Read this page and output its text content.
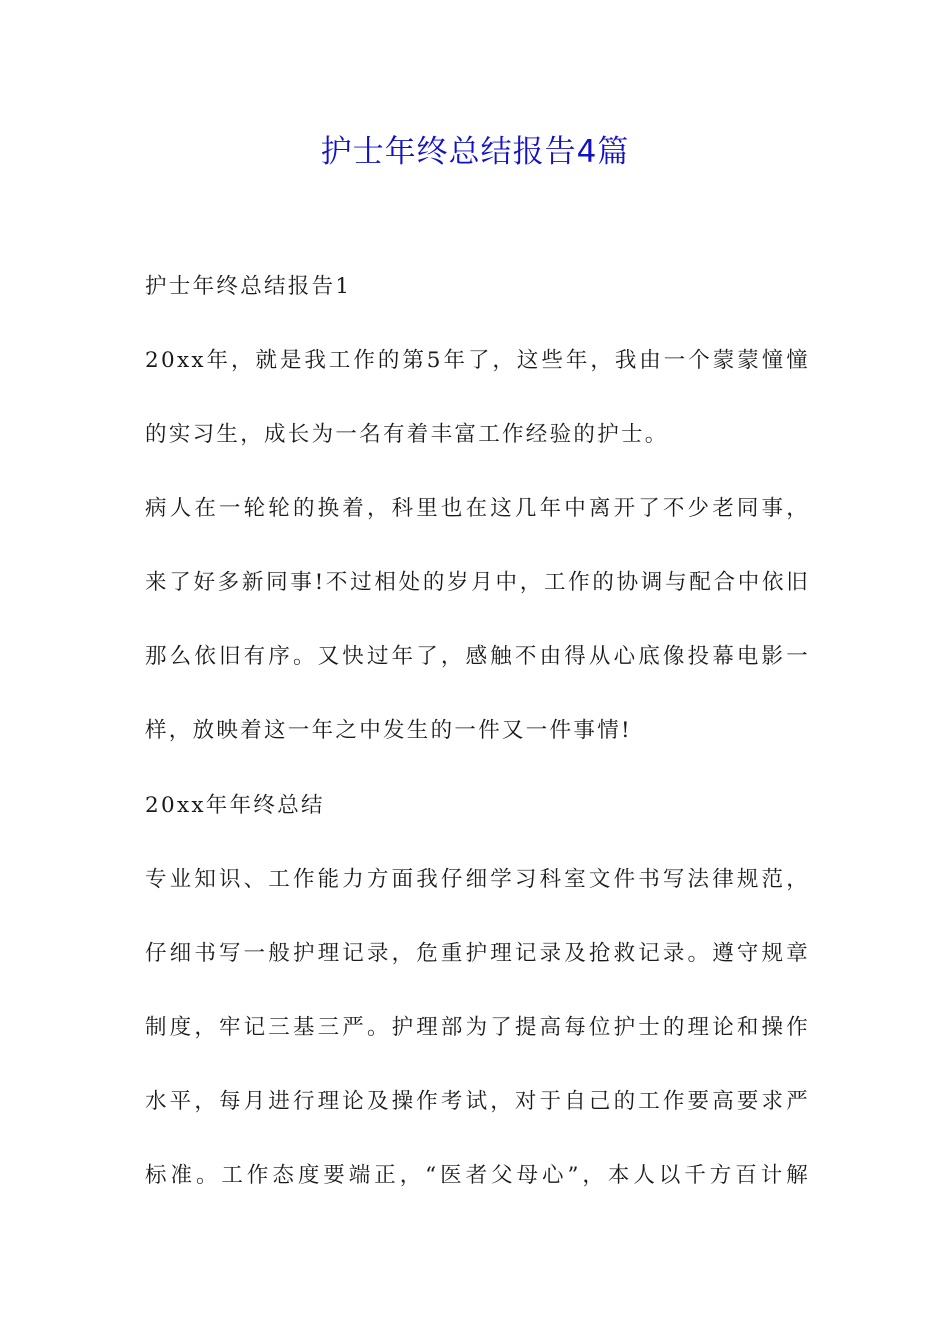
护士年终总结报告4篇

护士年终总结报告1

20xx年，就是我工作的第5年了，这些年，我由一个蒙蒙憧憧

的实习生，成长为一名有着丰富工作经验的护士。

病人在一轮轮的换着，科里也在这几年中离开了不少老同事，

来了好多新同事!不过相处的岁月中，工作的协调与配合中依旧

那么依旧有序。又快过年了，感触不由得从心底像投幕电影一

样，放映着这一年之中发生的一件又一件事情!

20xx年年终总结

专业知识、工作能力方面我仔细学习科室文件书写法律规范，

仔细书写一般护理记录，危重护理记录及抢救记录。遵守规章

制度，牢记三基三严。护理部为了提高每位护士的理论和操作

水平，每月进行理论及操作考试，对于自己的工作要高要求严

标准。工作态度要端正，“医者父母心”，本人以千方百计解
